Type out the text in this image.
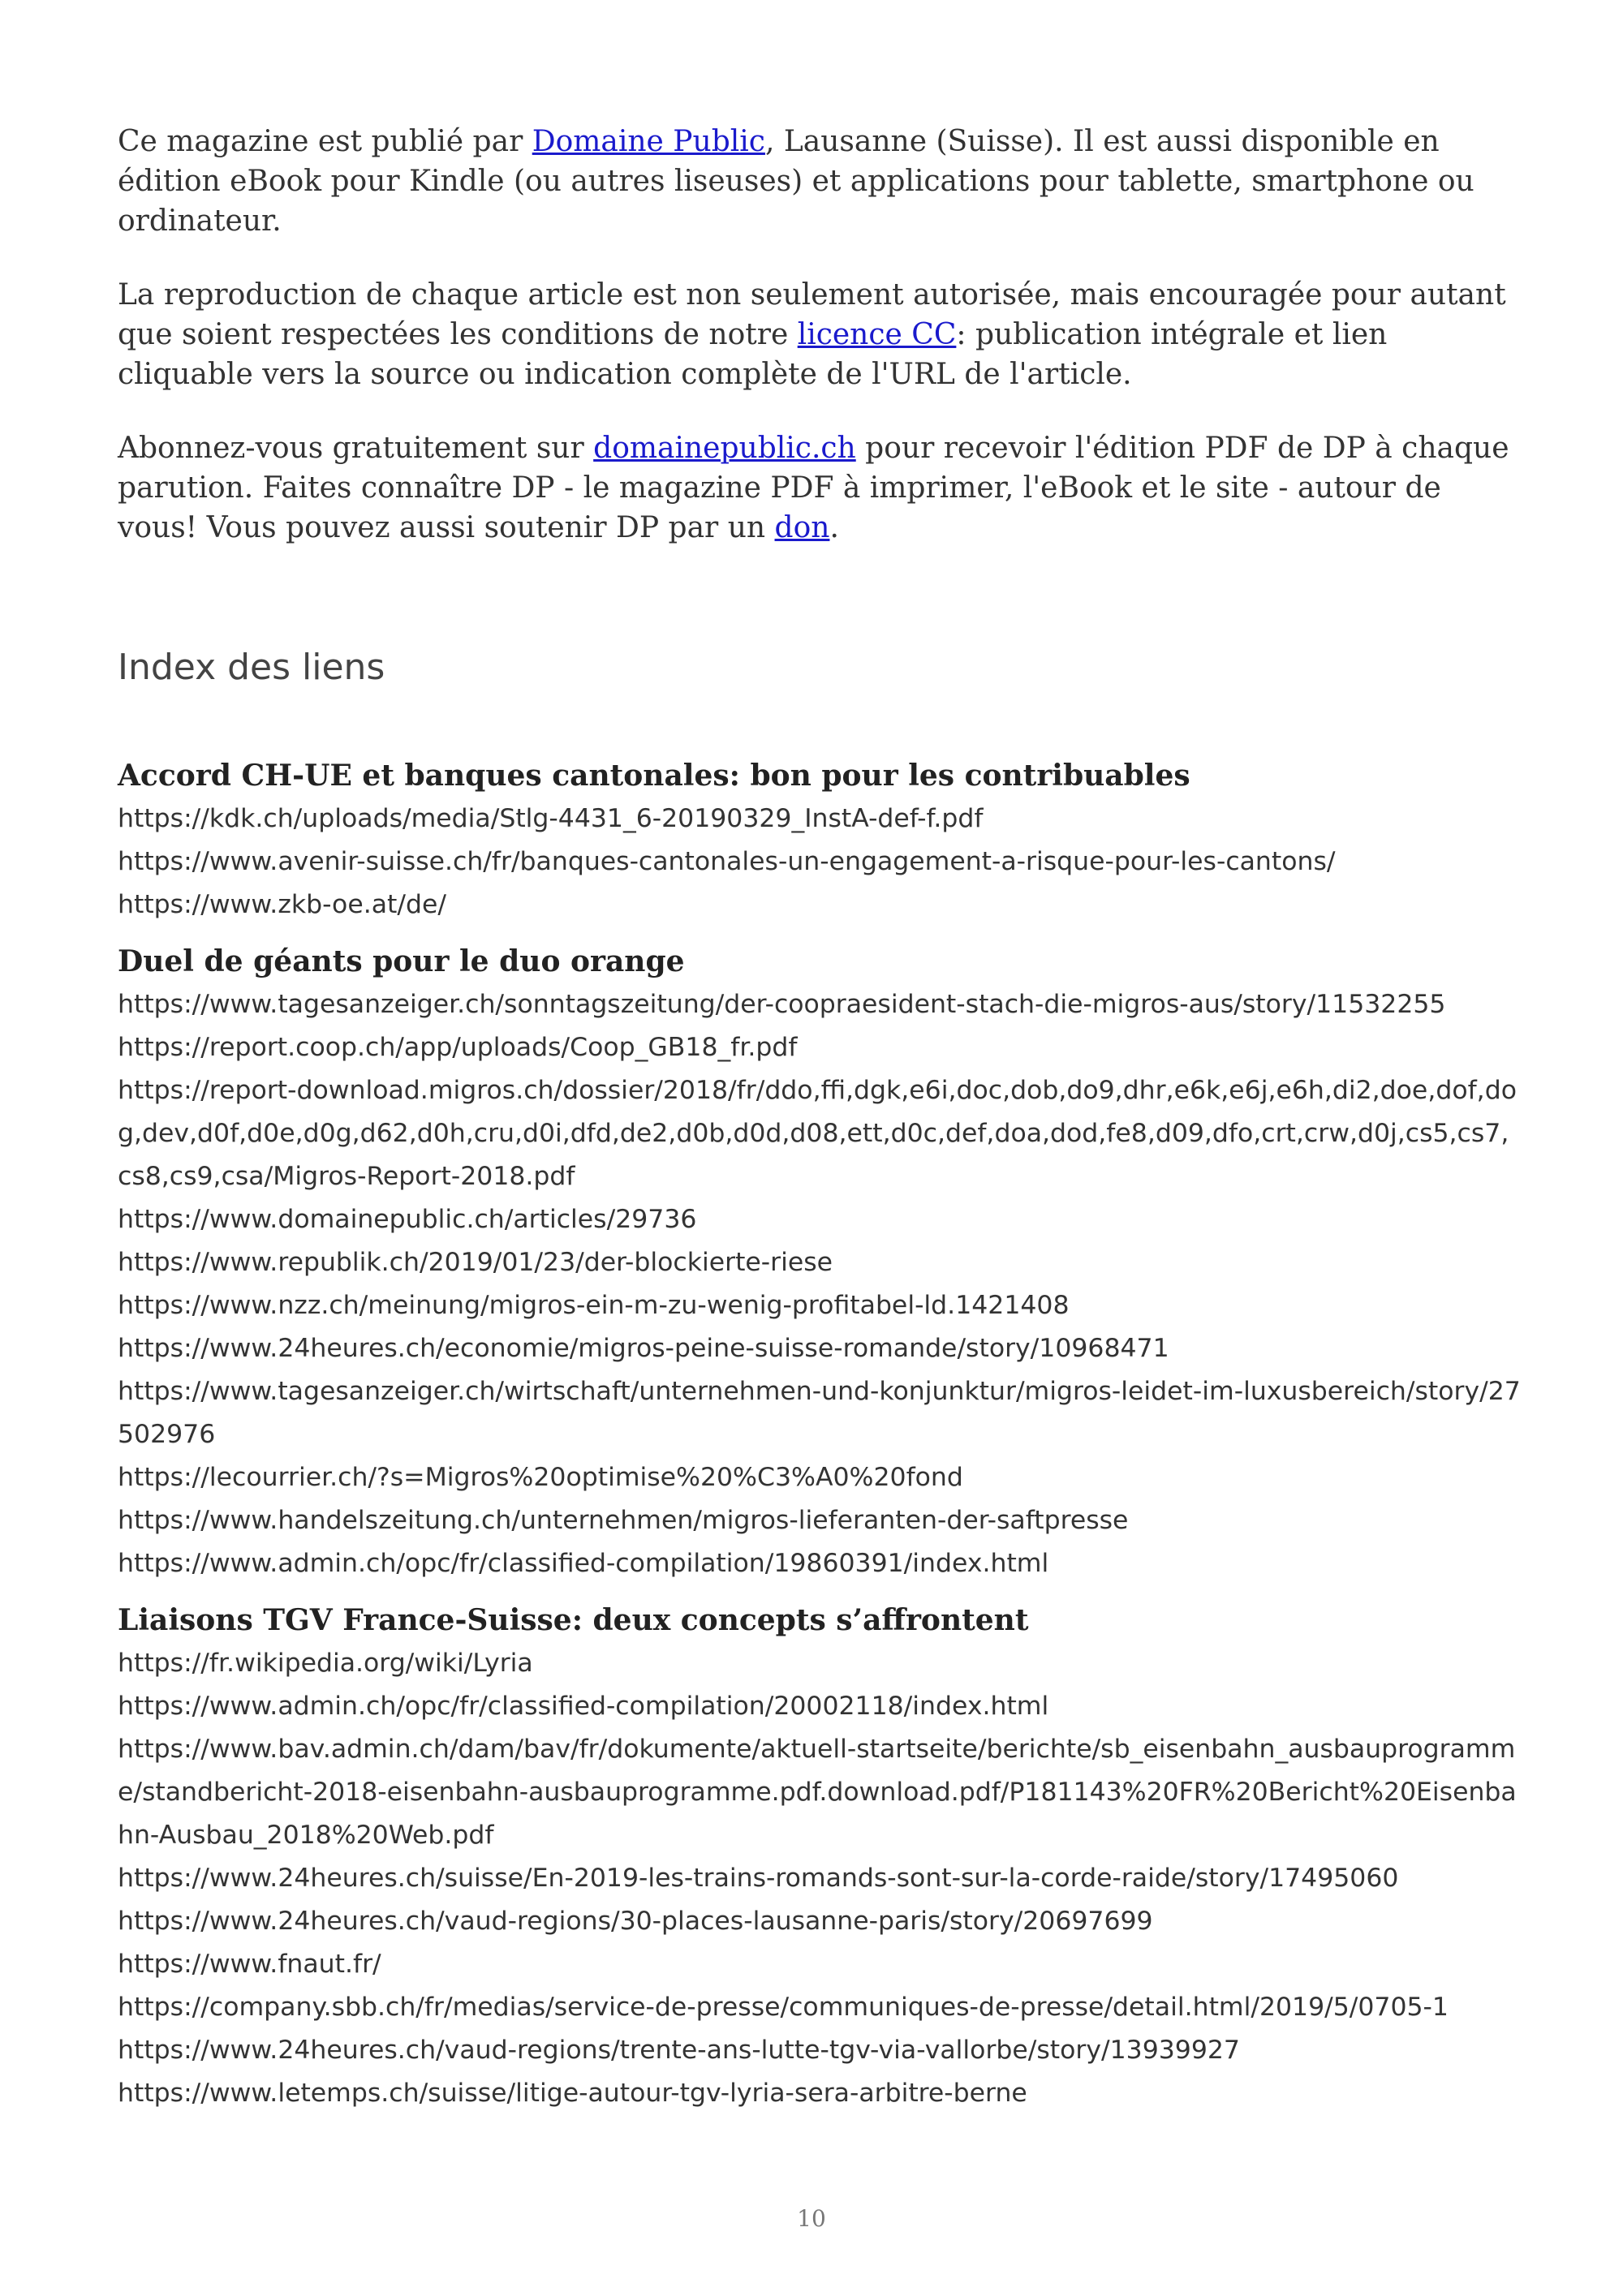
Ce magazine est publié par Domaine Public, Lausanne (Suisse). Il est aussi disponible en édition eBook pour Kindle (ou autres liseuses) et applications pour tablette, smartphone ou ordinateur.

La reproduction de chaque article est non seulement autorisée, mais encouragée pour autant que soient respectées les conditions de notre licence CC: publication intégrale et lien cliquable vers la source ou indication complète de l'URL de l'article.

Abonnez-vous gratuitement sur domainepublic.ch pour recevoir l'édition PDF de DP à chaque parution. Faites connaître DP - le magazine PDF à imprimer, l'eBook et le site - autour de vous! Vous pouvez aussi soutenir DP par un don.

Index des liens
Accord CH-UE et banques cantonales: bon pour les contribuables
https://kdk.ch/uploads/media/Stlg-4431_6-20190329_InstA-def-f.pdf
https://www.avenir-suisse.ch/fr/banques-cantonales-un-engagement-a-risque-pour-les-cantons/
https://www.zkb-oe.at/de/
Duel de géants pour le duo orange
https://www.tagesanzeiger.ch/sonntagszeitung/der-coopraesident-stach-die-migros-aus/story/11532255
https://report.coop.ch/app/uploads/Coop_GB18_fr.pdf
https://report-download.migros.ch/dossier/2018/fr/ddo,ffi,dgk,e6i,doc,dob,do9,dhr,e6k,e6j,e6h,di2,doe,dof,dog,dev,d0f,d0e,d0g,d62,d0h,cru,d0i,dfd,de2,d0b,d0d,d08,ett,d0c,def,doa,dod,fe8,d09,dfo,crt,crw,d0j,cs5,cs7,cs8,cs9,csa/Migros-Report-2018.pdf
https://www.domainepublic.ch/articles/29736
https://www.republik.ch/2019/01/23/der-blockierte-riese
https://www.nzz.ch/meinung/migros-ein-m-zu-wenig-profitabel-ld.1421408
https://www.24heures.ch/economie/migros-peine-suisse-romande/story/10968471
https://www.tagesanzeiger.ch/wirtschaft/unternehmen-und-konjunktur/migros-leidet-im-luxusbereich/story/27502976
https://lecourrier.ch/?s=Migros%20optimise%20%C3%A0%20fond
https://www.handelszeitung.ch/unternehmen/migros-lieferanten-der-saftpresse
https://www.admin.ch/opc/fr/classified-compilation/19860391/index.html
Liaisons TGV France-Suisse: deux concepts s’affrontent
https://fr.wikipedia.org/wiki/Lyria
https://www.admin.ch/opc/fr/classified-compilation/20002118/index.html
https://www.bav.admin.ch/dam/bav/fr/dokumente/aktuell-startseite/berichte/sb_eisenbahn_ausbauprogramme/standbericht-2018-eisenbahn-ausbauprogramme.pdf.download.pdf/P181143%20FR%20Bericht%20Eisenbahn-Ausbau_2018%20Web.pdf
https://www.24heures.ch/suisse/En-2019-les-trains-romands-sont-sur-la-corde-raide/story/17495060
https://www.24heures.ch/vaud-regions/30-places-lausanne-paris/story/20697699
https://www.fnaut.fr/
https://company.sbb.ch/fr/medias/service-de-presse/communiques-de-presse/detail.html/2019/5/0705-1
https://www.24heures.ch/vaud-regions/trente-ans-lutte-tgv-via-vallorbe/story/13939927
https://www.letemps.ch/suisse/litige-autour-tgv-lyria-sera-arbitre-berne
10
